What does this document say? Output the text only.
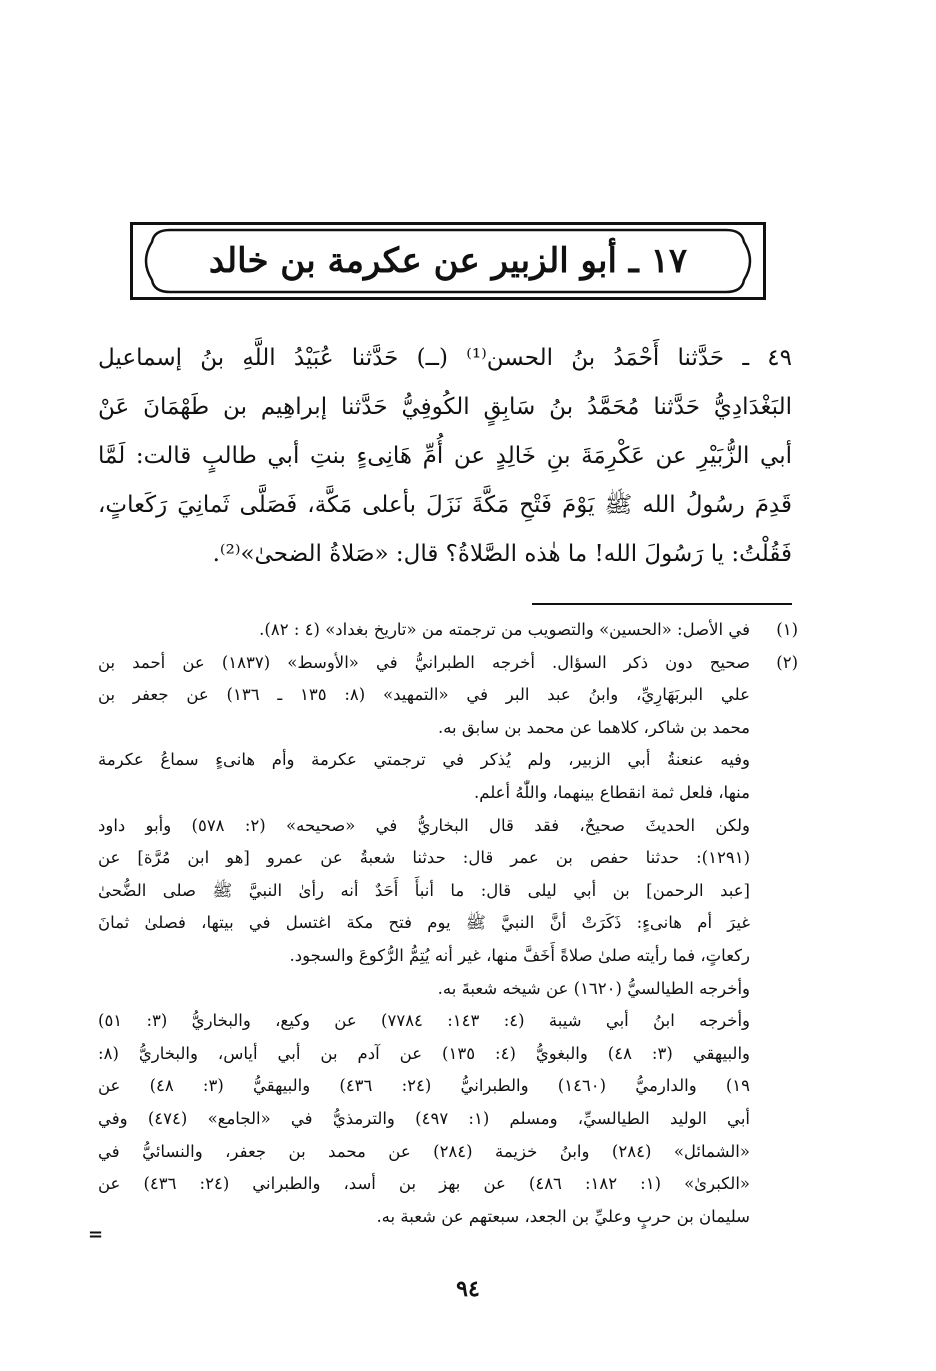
١٧ ـ أبو الزبير عن عكرمة بن خالد
٤٩ ـ حَدَّثنا أَحْمَدُ بنُ الحسن⁽¹⁾ (ــ) حَدَّثنا عُبَيْدُ اللَّهِ بنُ إسماعيل
البَغْدَادِيُّ حَدَّثنا مُحَمَّدُ بنُ سَابِقٍ الكُوفِيُّ حَدَّثنا إبراهِيم بن طَهْمَانَ عَنْ
أبي الزُّبَيْرِ عن عَكْرِمَةَ بنِ خَالِدٍ عن أُمِّ هَانِىءٍ بنتِ أبي طالبٍ قالت: لَمَّا
قَدِمَ رسُولُ الله ﷺ يَوْمَ فَتْحِ مَكَّةَ نَزَلَ بأعلى مَكَّة، فَصَلَّى ثَمانِيَ رَكَعاتٍ،
فَقُلْتُ: يا رَسُولَ الله! ما هٰذه الصَّلاةُ؟ قال: «صَلاةُ الضحىٰ»⁽²⁾.
(١)
في الأصل: «الحسين» والتصويب من ترجمته من «تاريخ بغداد» (٤ : ٨٢).
(٢)
صحيح دون ذكر السؤال. أخرجه الطبرانيُّ في «الأوسط» (١٨٣٧) عن أحمد بن
علي البربَهَارِيِّ، وابنُ عبد البر في «التمهيد» (٨: ١٣٥ ـ ١٣٦) عن جعفر بن
محمد بن شاكر، كلاهما عن محمد بن سابق به.
وفيه عنعنةُ أبي الزبير، ولم يُذكر في ترجمتي عكرمة وأم هانىءٍ سماعُ عكرمة
منها، فلعل ثمة انقطاع بينهما، واللّٰهُ أعلم.
ولكن الحديثَ صحيحٌ، فقد قال البخاريُّ في «صحيحه» (٢: ٥٧٨) وأبو داود
(١٢٩١): حدثنا حفص بن عمر قال: حدثنا شعبةُ عن عمرو [هو ابن مُرَّة] عن
[عبد الرحمن] بن أبي ليلى قال: ما أنبأَ أَحَدٌ أنه رأىٰ النبيَّ ﷺ صلى الضُّحىٰ
غيرَ أم هانىءٍ: ذَكَرَتْ أنَّ النبيَّ ﷺ يوم فتح مكة اغتسل في بيتها، فصلىٰ ثمانَ
ركعاتٍ، فما رأيته صلىٰ صلاةً أَخَفَّ منها، غير أنه يُتِمُّ الرُّكوعَ والسجود.
وأخرجه الطيالسيُّ (١٦٢٠) عن شيخه شعبةَ به.
وأخرجه ابنُ أبي شيبة (٤: ١٤٣: ٧٧٨٤) عن وكيع، والبخاريُّ (٣: ٥١)
والبيهقي (٣: ٤٨) والبغويُّ (٤: ١٣٥) عن آدم بن أبي أياس، والبخاريُّ (٨:
١٩) والدارميُّ (١٤٦٠) والطبرانيُّ (٢٤: ٤٣٦) والبيهقيُّ (٣: ٤٨) عن
أبي الوليد الطيالسيِّ، ومسلم (١: ٤٩٧) والترمذيُّ في «الجامع» (٤٧٤) وفي
«الشمائل» (٢٨٤) وابنُ خزيمة (٢٨٤) عن محمد بن جعفر، والنسائيُّ في
«الكبرىٰ» (١: ١٨٢: ٤٨٦) عن بهز بن أسد، والطبراني (٢٤: ٤٣٦) عن
سليمان بن حربٍ وعليِّ بن الجعد، سبعتهم عن شعبة به.
=
٩٤
